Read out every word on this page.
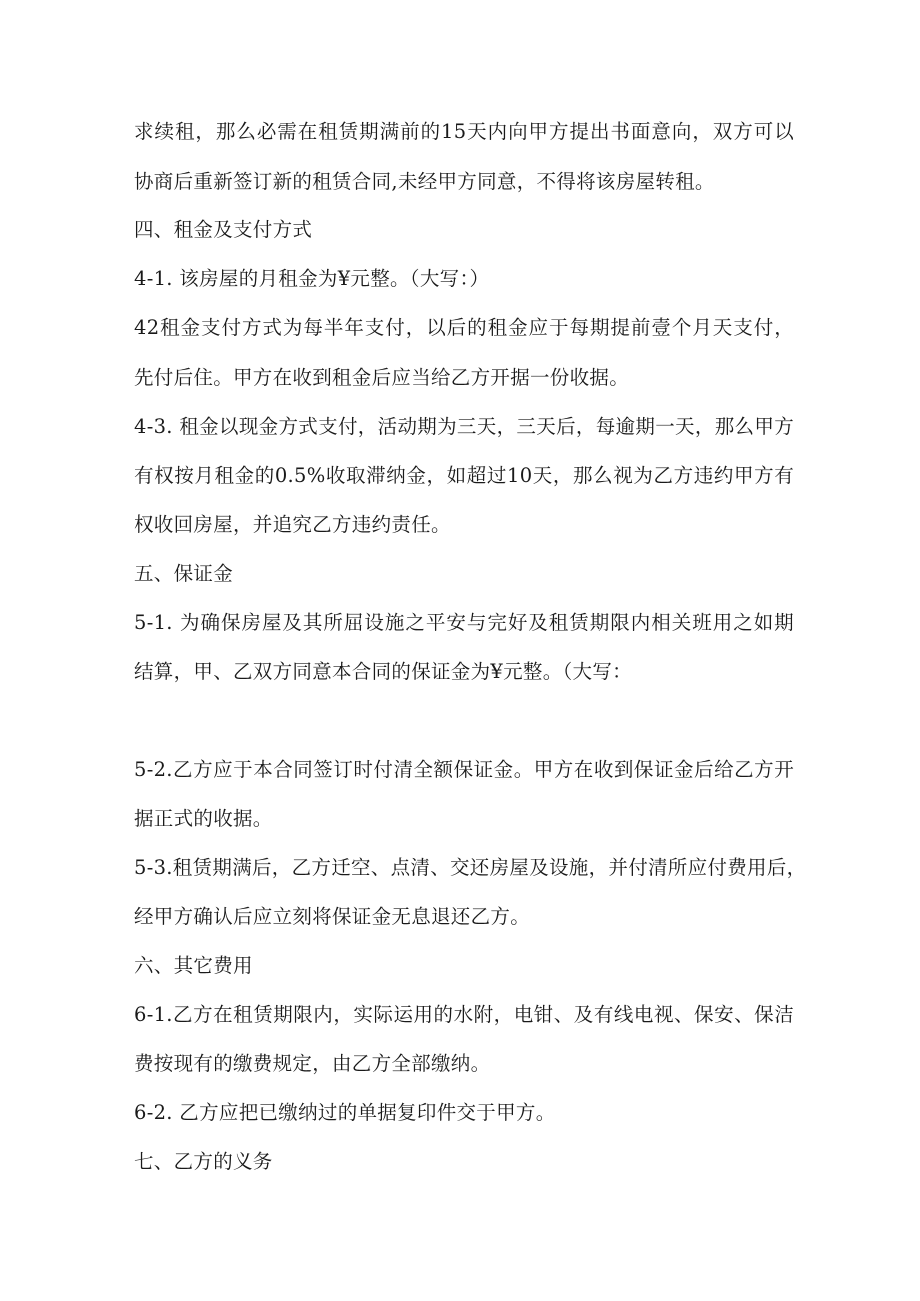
求续租，那么必需在租赁期满前的15天内向甲方提出书面意向，双方可以
协商后重新签订新的租赁合同,未经甲方同意，不得将该房屋转租。
四、租金及支付方式
4-1. 该房屋的月租金为¥元整。（大写：）
42租金支付方式为每半年支付，以后的租金应于每期提前壹个月天支付，
先付后住。甲方在收到租金后应当给乙方开据一份收据。
4-3. 租金以现金方式支付，活动期为三天，三天后，每逾期一天，那么甲方
有权按月租金的0.5%收取滞纳金，如超过10天，那么视为乙方违约甲方有
权收回房屋，并追究乙方违约责任。
五、保证金
5-1. 为确保房屋及其所屈设施之平安与完好及租赁期限内相关班用之如期
结算，甲、乙双方同意本合同的保证金为¥元整。（大写：
5-2.乙方应于本合同签订时付清全额保证金。甲方在收到保证金后给乙方开
据正式的收据。
5-3.租赁期满后，乙方迁空、点清、交还房屋及设施，并付清所应付费用后，
经甲方确认后应立刻将保证金无息退还乙方。
六、其它费用
6-1.乙方在租赁期限内，实际运用的水附，电钳、及有线电视、保安、保洁
费按现有的缴费规定，由乙方全部缴纳。
6-2. 乙方应把已缴纳过的单据复印件交于甲方。
七、乙方的义务
